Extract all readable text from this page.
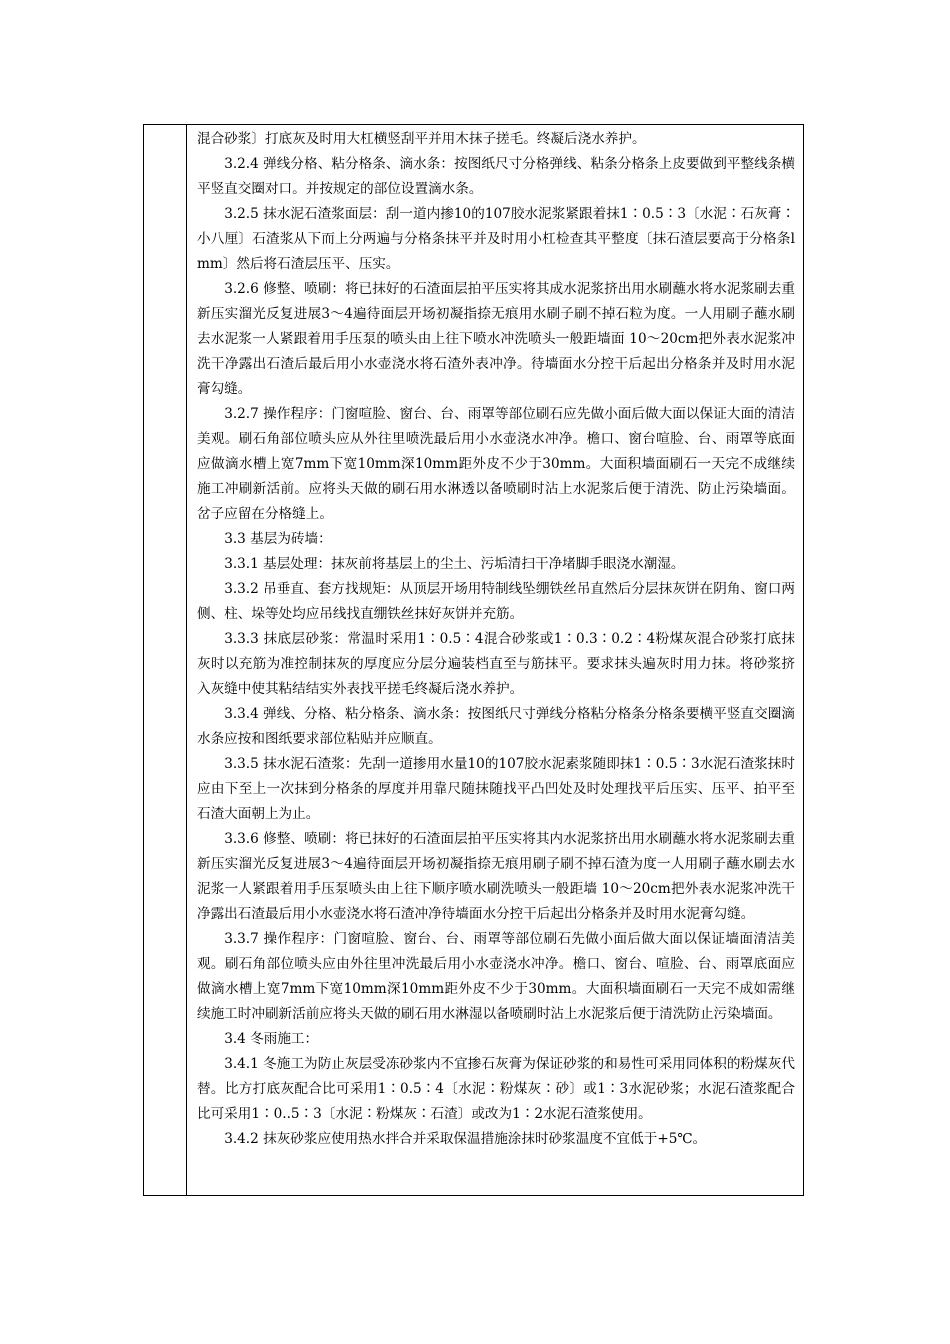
混合砂浆〕打底灰及时用大杠横竖刮平并用木抹子搓毛。终凝后浇水养护。

3.2.4 弹线分格、粘分格条、滴水条：按图纸尺寸分格弹线、粘条分格条上皮要做到平整线条横平竖直交圈对口。并按规定的部位设置滴水条。

3.2.5 抹水泥石渣浆面层：刮一道内掺10的107胶水泥浆紧跟着抹1∶0.5∶3〔水泥∶石灰膏∶小八厘〕石渣浆从下而上分两遍与分格条抹平并及时用小杠检查其平整度〔抹石渣层要高于分格条lmm〕然后将石渣层压平、压实。

3.2.6 修整、喷刷：将已抹好的石渣面层拍平压实将其成水泥浆挤出用水刷蘸水将水泥浆刷去重新压实溜光反复进展3～4遍待面层开场初凝指捺无痕用水刷子刷不掉石粒为度。一人用刷子蘸水刷去水泥浆一人紧跟着用手压泵的喷头由上往下喷水冲洗喷头一般距墙面 10～20cm把外表水泥浆冲洗干净露出石渣后最后用小水壶浇水将石渣外表冲净。待墙面水分控干后起出分格条并及时用水泥膏勾缝。

3.2.7 操作程序：门窗喧脸、窗台、台、雨罩等部位刷石应先做小面后做大面以保证大面的清洁美观。刷石角部位喷头应从外往里喷洗最后用小水壶浇水冲净。檐口、窗台喧脸、台、雨罩等底面应做滴水槽上宽7mm下宽10mm深10mm距外皮不少于30mm。大面积墙面刷石一天完不成继续施工冲刷新活前。应将头天做的刷石用水淋透以备喷刷时沾上水泥浆后便于清洗、防止污染墙面。岔子应留在分格缝上。

3.3 基层为砖墙：

3.3.1 基层处理：抹灰前将基层上的尘土、污垢清扫干净堵脚手眼浇水潮湿。

3.3.2 吊垂直、套方找规矩：从顶层开场用特制线坠绷铁丝吊直然后分层抹灰饼在阴角、窗口两侧、柱、垛等处均应吊线找直绷铁丝抹好灰饼并充筋。

3.3.3 抹底层砂浆：常温时采用1∶0.5∶4混合砂浆或1∶0.3∶0.2∶4粉煤灰混合砂浆打底抹灰时以充筋为准控制抹灰的厚度应分层分遍装档直至与筋抹平。要求抹头遍灰时用力抹。将砂浆挤入灰缝中使其粘结结实外表找平搓毛终凝后浇水养护。

3.3.4 弹线、分格、粘分格条、滴水条：按图纸尺寸弹线分格粘分格条分格条要横平竖直交圈滴水条应按和图纸要求部位粘贴并应顺直。

3.3.5 抹水泥石渣浆：先刮一道掺用水量10的107胶水泥素浆随即抹1∶0.5∶3水泥石渣浆抹时应由下至上一次抹到分格条的厚度并用靠尺随抹随找平凸凹处及时处理找平后压实、压平、拍平至石渣大面朝上为止。

3.3.6 修整、喷刷：将已抹好的石渣面层拍平压实将其内水泥浆挤出用水刷蘸水将水泥浆刷去重新压实溜光反复进展3～4遍待面层开场初凝指捺无痕用刷子刷不掉石渣为度一人用刷子蘸水刷去水泥浆一人紧跟着用手压泵喷头由上往下顺序喷水刷洗喷头一般距墙 10～20cm把外表水泥浆冲洗干净露出石渣最后用小水壶浇水将石渣冲净待墙面水分控干后起出分格条并及时用水泥膏勾缝。

3.3.7 操作程序：门窗喧脸、窗台、台、雨罩等部位刷石先做小面后做大面以保证墙面清洁美观。刷石角部位喷头应由外往里冲洗最后用小水壶浇水冲净。檐口、窗台、喧脸、台、雨罩底面应做滴水槽上宽7mm下宽10mm深10mm距外皮不少于30mm。大面积墙面刷石一天完不成如需继续施工时冲刷新活前应将头天做的刷石用水淋湿以备喷刷时沾上水泥浆后便于清洗防止污染墙面。

3.4 冬雨施工：

3.4.1 冬施工为防止灰层受冻砂浆内不宜掺石灰膏为保证砂浆的和易性可采用同体积的粉煤灰代替。比方打底灰配合比可采用1∶0.5∶4〔水泥∶粉煤灰∶砂〕或1∶3水泥砂浆；水泥石渣浆配合比可采用1∶0..5∶3〔水泥∶粉煤灰∶石渣〕或改为1∶2水泥石渣浆使用。

3.4.2 抹灰砂浆应使用热水拌合并采取保温措施涂抹时砂浆温度不宜低于+5℃。
